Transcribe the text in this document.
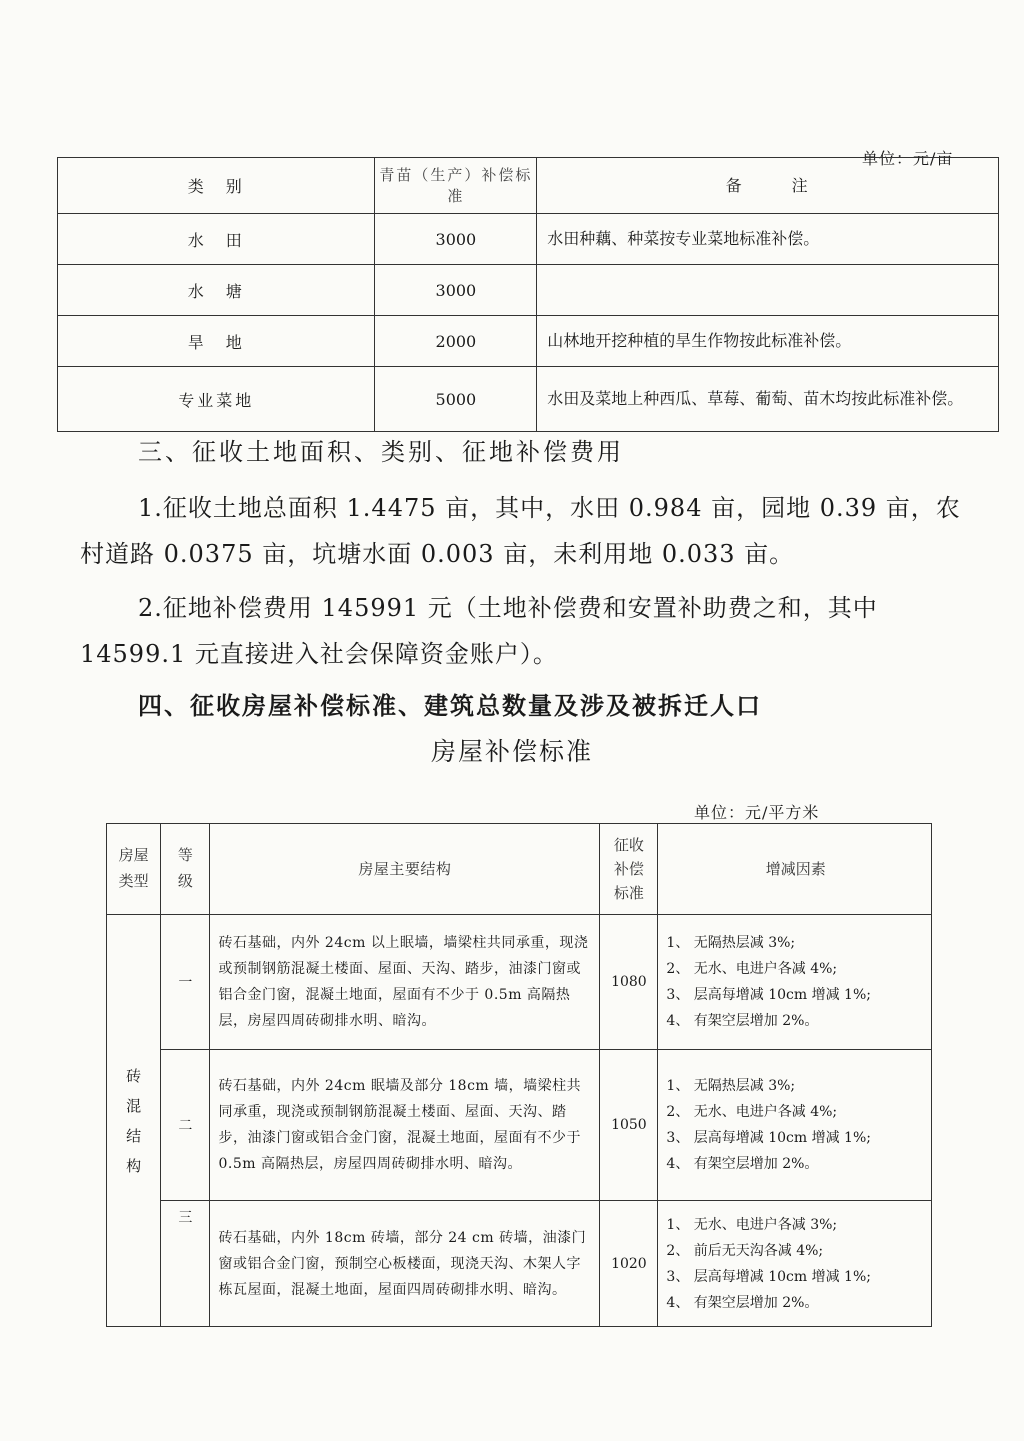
单位：元/亩
类　别	青苗（生产）补偿标准	备　　注
水　田	3000	水田种藕、种菜按专业菜地标准补偿。
水　塘	3000	
旱　地	2000	山林地开挖种植的旱生作物按此标准补偿。
专业菜地	5000	水田及菜地上种西瓜、草莓、葡萄、苗木均按此标准补偿。
三、征收土地面积、类别、征地补偿费用
1.征收土地总面积 1.4475 亩，其中，水田 0.984 亩，园地 0.39 亩，农
村道路 0.0375 亩，坑塘水面 0.003 亩，未利用地 0.033 亩。
2.征地补偿费用 145991 元（土地补偿费和安置补助费之和，其中
14599.1 元直接进入社会保障资金账户）。
四、征收房屋补偿标准、建筑总数量及涉及被拆迁人口
房屋补偿标准
单位：元/平方米
房屋类型	等级	房屋主要结构	征收补偿标准	增减因素
砖混结构	一	砖石基础，内外 24cm 以上眠墙，墙梁柱共同承重，现浇或预制钢筋混凝土楼面、屋面、天沟、踏步，油漆门窗或铝合金门窗，混凝土地面，屋面有不少于 0.5m 高隔热层，房屋四周砖砌排水明、暗沟。	1080	1、 无隔热层减 3%;
2、 无水、电进户各减 4%;
3、 层高每增减 10cm 增减 1%;
4、 有架空层增加 2%。

	二	砖石基础，内外 24cm 眠墙及部分 18cm 墙，墙梁柱共同承重，现浇或预制钢筋混凝土楼面、屋面、天沟、踏步，油漆门窗或铝合金门窗，混凝土地面，屋面有不少于 0.5m 高隔热层，房屋四周砖砌排水明、暗沟。	1050	1、 无隔热层减 3%;
2、 无水、电进户各减 4%;
3、 层高每增减 10cm 增减 1%;
4、 有架空层增加 2%。

	三	砖石基础，内外 18cm 砖墙，部分 24 cm 砖墙，油漆门窗或铝合金门窗，预制空心板楼面，现浇天沟、木架人字栋瓦屋面，混凝土地面，屋面四周砖砌排水明、暗沟。	1020	1、 无水、电进户各减 3%;
2、 前后无天沟各减 4%;
3、 层高每增减 10cm 增减 1%;
4、 有架空层增加 2%。
